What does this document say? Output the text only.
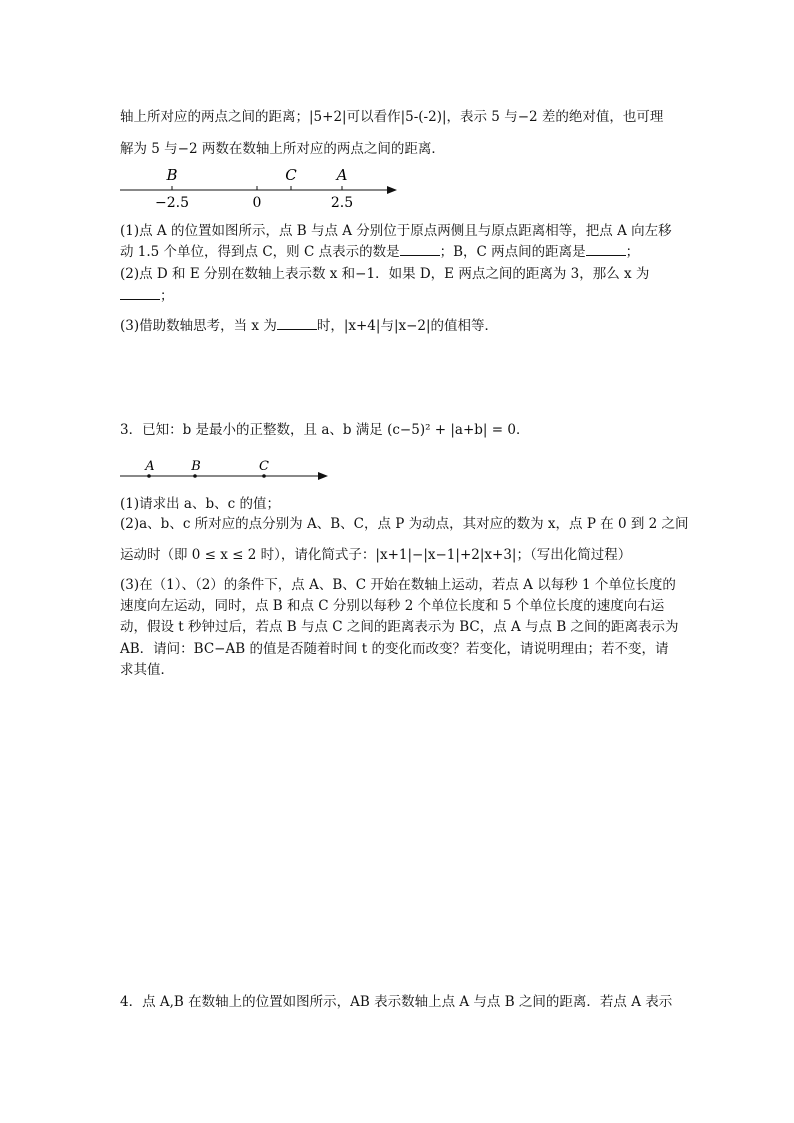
轴上所对应的两点之间的距离；|5+2|可以看作|5-(-2)|，表示 5 与−2 差的绝对值，也可理
解为 5 与−2 两数在数轴上所对应的两点之间的距离．
B	C	A
−2.5	0	2.5
(1)点 A 的位置如图所示，点 B 与点 A 分别位于原点两侧且与原点距离相等，把点 A 向左移
动 1.5 个单位，得到点 C，则 C 点表示的数是	；B，C 两点间的距离是	；
(2)点 D 和 E 分别在数轴上表示数 x 和−1．如果 D，E 两点之间的距离为 3，那么 x 为
；
(3)借助数轴思考，当 x 为	时，|x+4|与|x−2|的值相等．
3．已知：b 是最小的正整数，且 a、b 满足 (c−5)² + |a+b| = 0．
A	B	C
(1)请求出 a、b、c 的值；
(2)a、b、c 所对应的点分别为 A、B、C，点 P 为动点，其对应的数为 x，点 P 在 0 到 2 之间
运动时（即 0 ≤ x ≤ 2 时），请化简式子：|x+1|−|x−1|+2|x+3|；（写出化简过程）
(3)在（1）、（2）的条件下，点 A、B、C 开始在数轴上运动，若点 A 以每秒 1 个单位长度的
速度向左运动，同时，点 B 和点 C 分别以每秒 2 个单位长度和 5 个单位长度的速度向右运
动，假设 t 秒钟过后，若点 B 与点 C 之间的距离表示为 BC，点 A 与点 B 之间的距离表示为
AB．请问：BC−AB 的值是否随着时间 t 的变化而改变？若变化，请说明理由；若不变，请
求其值．
4．点 A,B 在数轴上的位置如图所示，AB 表示数轴上点 A 与点 B 之间的距离．若点 A 表示
